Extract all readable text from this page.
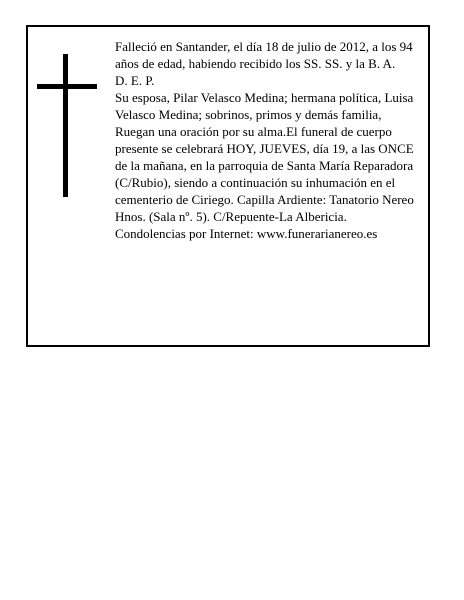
Falleció en Santander, el día 18 de julio de 2012, a los 94 años de edad, habiendo recibido los SS. SS. y la B. A.

D. E. P.

Su esposa, Pilar Velasco Medina; hermana política, Luisa Velasco Medina; sobrinos, primos y demás familia,

Ruegan una oración por su alma.El funeral de cuerpo presente se celebrará HOY, JUEVES, día 19, a las ONCE de la mañana, en la parroquia de Santa María Reparadora (C/Rubio), siendo a continuación su inhumación en el cementerio de Ciriego. Capilla Ardiente: Tanatorio Nereo Hnos. (Sala nº. 5). C/Repuente-La Albericia.

Condolencias por Internet: www.funerarianereo.es
